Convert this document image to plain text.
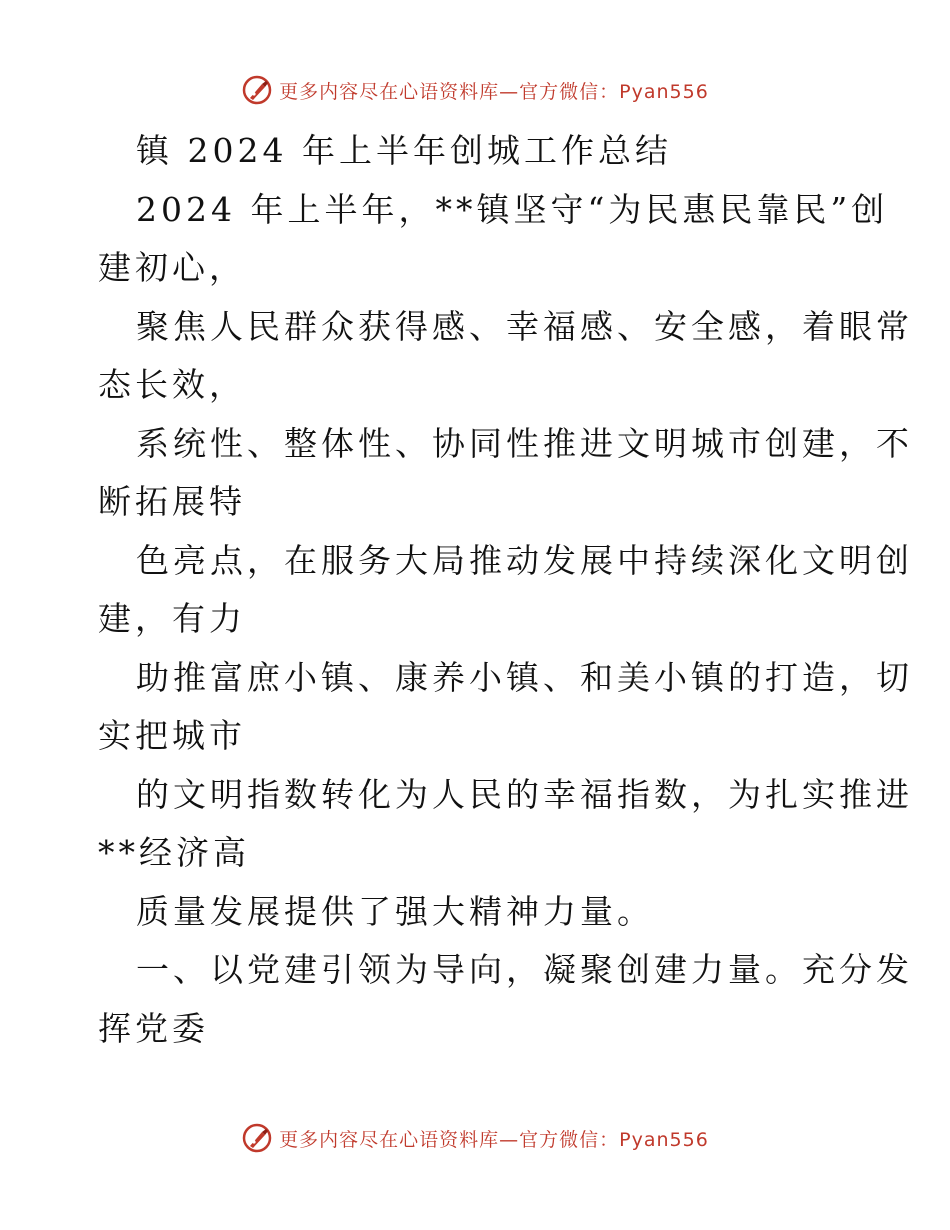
更多内容尽在心语资料库—官方微信：Pyan556
镇 2024 年上半年创城工作总结
2024 年上半年，**镇坚守“为民惠民靠民”创
建初心，
聚焦人民群众获得感、幸福感、安全感，着眼常
态长效，
系统性、整体性、协同性推进文明城市创建，不
断拓展特
色亮点，在服务大局推动发展中持续深化文明创
建，有力
助推富庶小镇、康养小镇、和美小镇的打造，切
实把城市
的文明指数转化为人民的幸福指数，为扎实推进
**经济高
质量发展提供了强大精神力量。
一、以党建引领为导向，凝聚创建力量。充分发
挥党委
更多内容尽在心语资料库—官方微信：Pyan556
